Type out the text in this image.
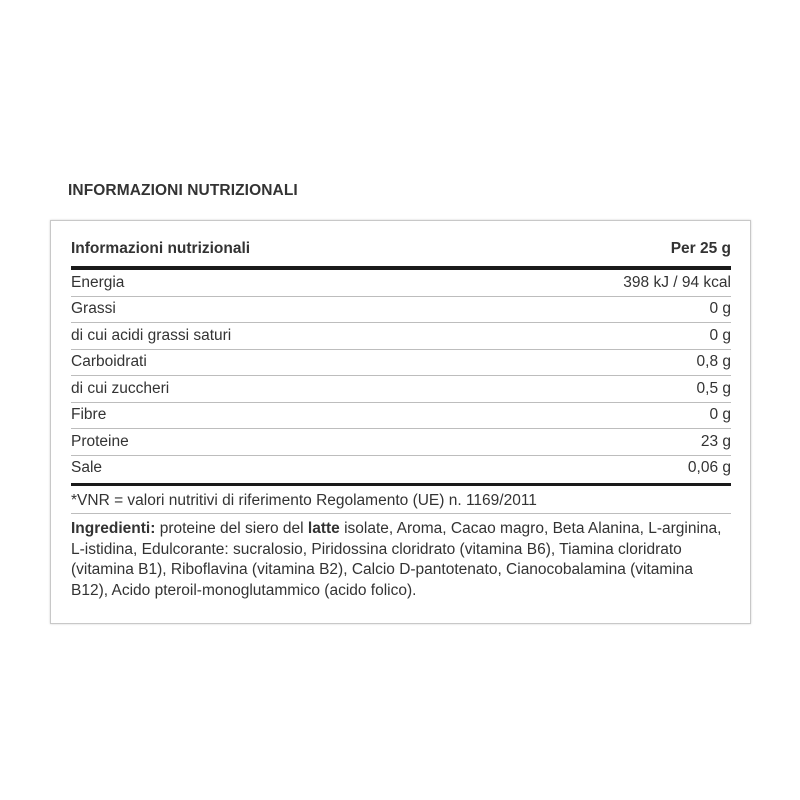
INFORMAZIONI NUTRIZIONALI
Informazioni nutrizionali	Per 25 g
Energia	398 kJ / 94 kcal
Grassi	0 g
di cui acidi grassi saturi	0 g
Carboidrati	0,8 g
di cui zuccheri	0,5 g
Fibre	0 g
Proteine	23 g
Sale	0,06 g
*VNR = valori nutritivi di riferimento Regolamento (UE) n. 1169/2011
Ingredienti: proteine del siero del latte isolate, Aroma, Cacao magro, Beta Alanina, L-arginina, L-istidina, Edulcorante: sucralosio, Piridossina cloridrato (vitamina B6), Tiamina cloridrato (vitamina B1), Riboflavina (vitamina B2), Calcio D-pantotenato, Cianocobalamina (vitamina B12), Acido pteroil-monoglutammico (acido folico).
